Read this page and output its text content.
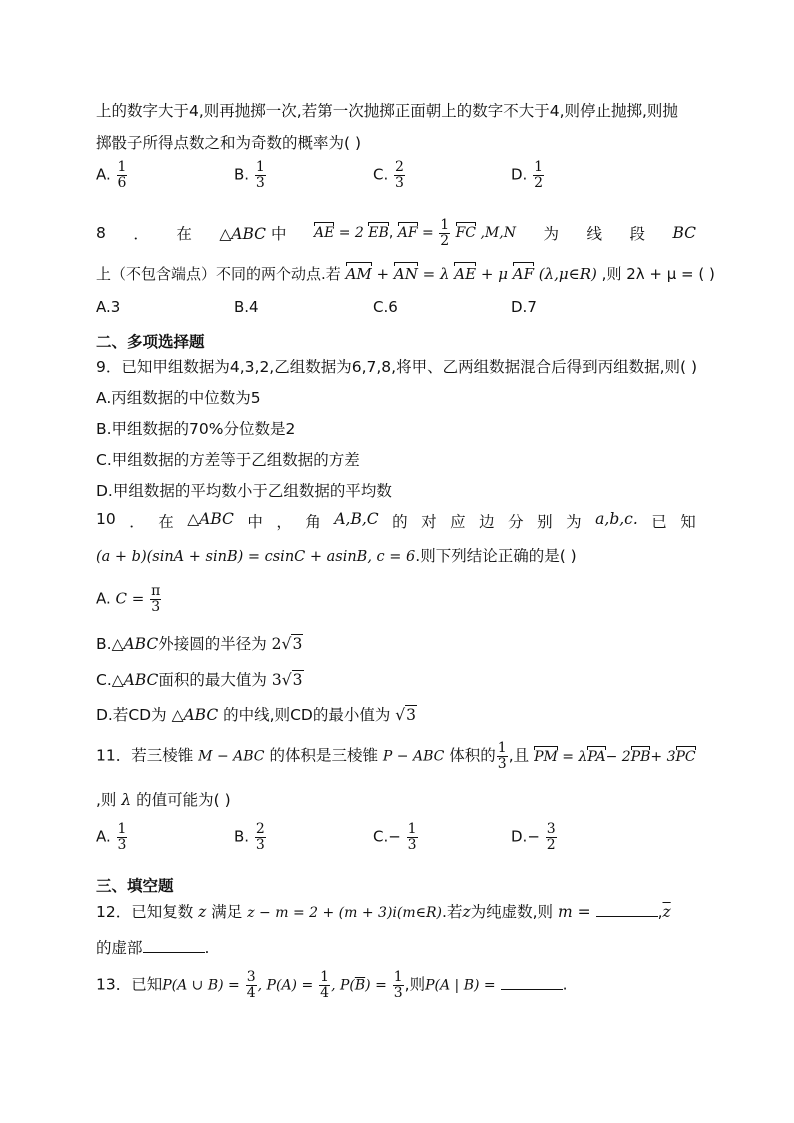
上的数字大于4,则再抛掷一次,若第一次抛掷正面朝上的数字不大于4,则停止抛掷,则抛
掷骰子所得点数之和为奇数的概率为( )
A. $\frac{1}{6}$	B. $\frac{1}{3}$	C. $\frac{2}{3}$	D. $\frac{1}{2}$
8 ． 在 △ABC 中 AE = 2 EB, AF = $\frac{1}{2}$ FC ,M,N 为 线 段 BC
上（不包含端点）不同的两个动点.若 AM + AN = λ AE + μ AF (λ,μ∈R) ,则 2λ + μ = ( )
A.3	B.4	C.6	D.7
二、多项选择题
9．已知甲组数据为4,3,2,乙组数据为6,7,8,将甲、乙两组数据混合后得到丙组数据,则( )
A.丙组数据的中位数为5
B.甲组数据的70%分位数是2
C.甲组数据的方差等于乙组数据的方差
D.甲组数据的平均数小于乙组数据的平均数
10 ． 在 △ABC 中 ， 角 A,B,C 的 对 应 边 分 别 为 a,b,c. 已 知
(a + b)(sinA + sinB) = csinC + asinB, c = 6.则下列结论正确的是( )
A. $C = \frac{\pi}{3}$
B.△ABC外接圆的半径为 2√3
C.△ABC面积的最大值为 3√3
D.若CD为 △ABC 的中线,则CD的最小值为 √3
11．若三棱锥 M − ABC 的体积是三棱锥 P − ABC 体积的 $\frac{1}{3}$ ,且 PM = λPA− 2PB+ 3PC
,则 λ 的值可能为( )
A. $\frac{1}{3}$	B. $\frac{2}{3}$	$C.- \frac{1}{3}$	$D.- \frac{3}{2}$
三、填空题
12．已知复数 z 满足 z − m = 2 + (m + 3)i(m∈R).若z为纯虚数,则 m =	$,\overline{z}$
的虚部	.
13．已知P(A ∪ $B) = \frac{3}{4}$ , $P(A) = \frac{1}{4}$ , $P(\overline{B}) = \frac{1}{3}$ ,则P(A | B) =	.
